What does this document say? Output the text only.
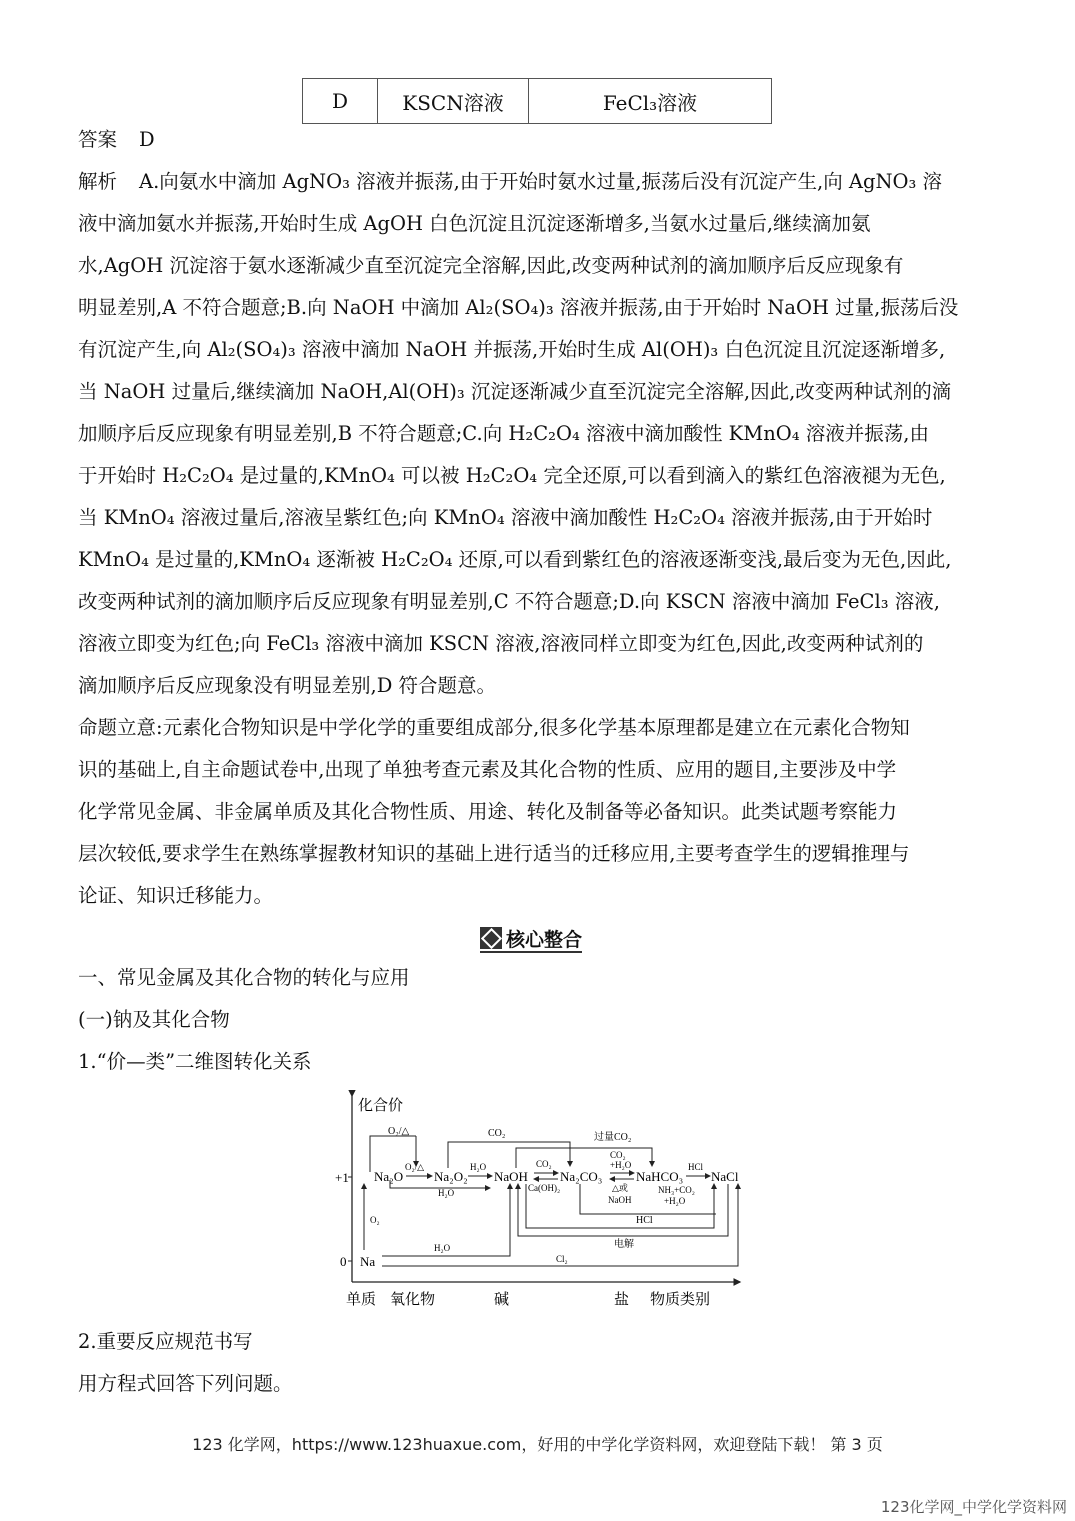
D	KSCN溶液	FeCl₃溶液
答案 D
解析 A.向氨水中滴加 AgNO₃ 溶液并振荡,由于开始时氨水过量,振荡后没有沉淀产生,向 AgNO₃ 溶
液中滴加氨水并振荡,开始时生成 AgOH 白色沉淀且沉淀逐渐增多,当氨水过量后,继续滴加氨
水,AgOH 沉淀溶于氨水逐渐减少直至沉淀完全溶解,因此,改变两种试剂的滴加顺序后反应现象有
明显差别,A 不符合题意;B.向 NaOH 中滴加 Al₂(SO₄)₃ 溶液并振荡,由于开始时 NaOH 过量,振荡后没
有沉淀产生,向 Al₂(SO₄)₃ 溶液中滴加 NaOH 并振荡,开始时生成 Al(OH)₃ 白色沉淀且沉淀逐渐增多,
当 NaOH 过量后,继续滴加 NaOH,Al(OH)₃ 沉淀逐渐减少直至沉淀完全溶解,因此,改变两种试剂的滴
加顺序后反应现象有明显差别,B 不符合题意;C.向 H₂C₂O₄ 溶液中滴加酸性 KMnO₄ 溶液并振荡,由
于开始时 H₂C₂O₄ 是过量的,KMnO₄ 可以被 H₂C₂O₄ 完全还原,可以看到滴入的紫红色溶液褪为无色,
当 KMnO₄ 溶液过量后,溶液呈紫红色;向 KMnO₄ 溶液中滴加酸性 H₂C₂O₄ 溶液并振荡,由于开始时
KMnO₄ 是过量的,KMnO₄ 逐渐被 H₂C₂O₄ 还原,可以看到紫红色的溶液逐渐变浅,最后变为无色,因此,
改变两种试剂的滴加顺序后反应现象有明显差别,C 不符合题意;D.向 KSCN 溶液中滴加 FeCl₃ 溶液,
溶液立即变为红色;向 FeCl₃ 溶液中滴加 KSCN 溶液,溶液同样立即变为红色,因此,改变两种试剂的
滴加顺序后反应现象没有明显差别,D 符合题意。
命题立意:元素化合物知识是中学化学的重要组成部分,很多化学基本原理都是建立在元素化合物知
识的基础上,自主命题试卷中,出现了单独考查元素及其化合物的性质、应用的题目,主要涉及中学
化学常见金属、非金属单质及其化合物性质、用途、转化及制备等必备知识。此类试题考察能力
层次较低,要求学生在熟练掌握教材知识的基础上进行适当的迁移应用,主要考查学生的逻辑推理与
论证、知识迁移能力。
核心整合
一、常见金属及其化合物的转化与应用
(一)钠及其化合物
1.“价—类”二维图转化关系
化合价
+1
0 Na
Na₂O Na₂O₂ NaOH Na₂CO₃	NaHCO₃ NaCl
O₂/△	CO₂	过量CO₂
O₂/△	H₂O
H₂O
CO₂
Ca(OH)₂
CO₂
+H₂O
△或
NaOH
HCl
NH₃+CO₂
+H₂O
HCl
电解
O₂
H₂O
Cl₂
单质 氧化物	碱	盐 物质类别
2.重要反应规范书写
用方程式回答下列问题。
123 化学网，https://www.123huaxue.com，好用的中学化学资料网，欢迎登陆下载！ 第 3 页
123化学网_中学化学资料网
